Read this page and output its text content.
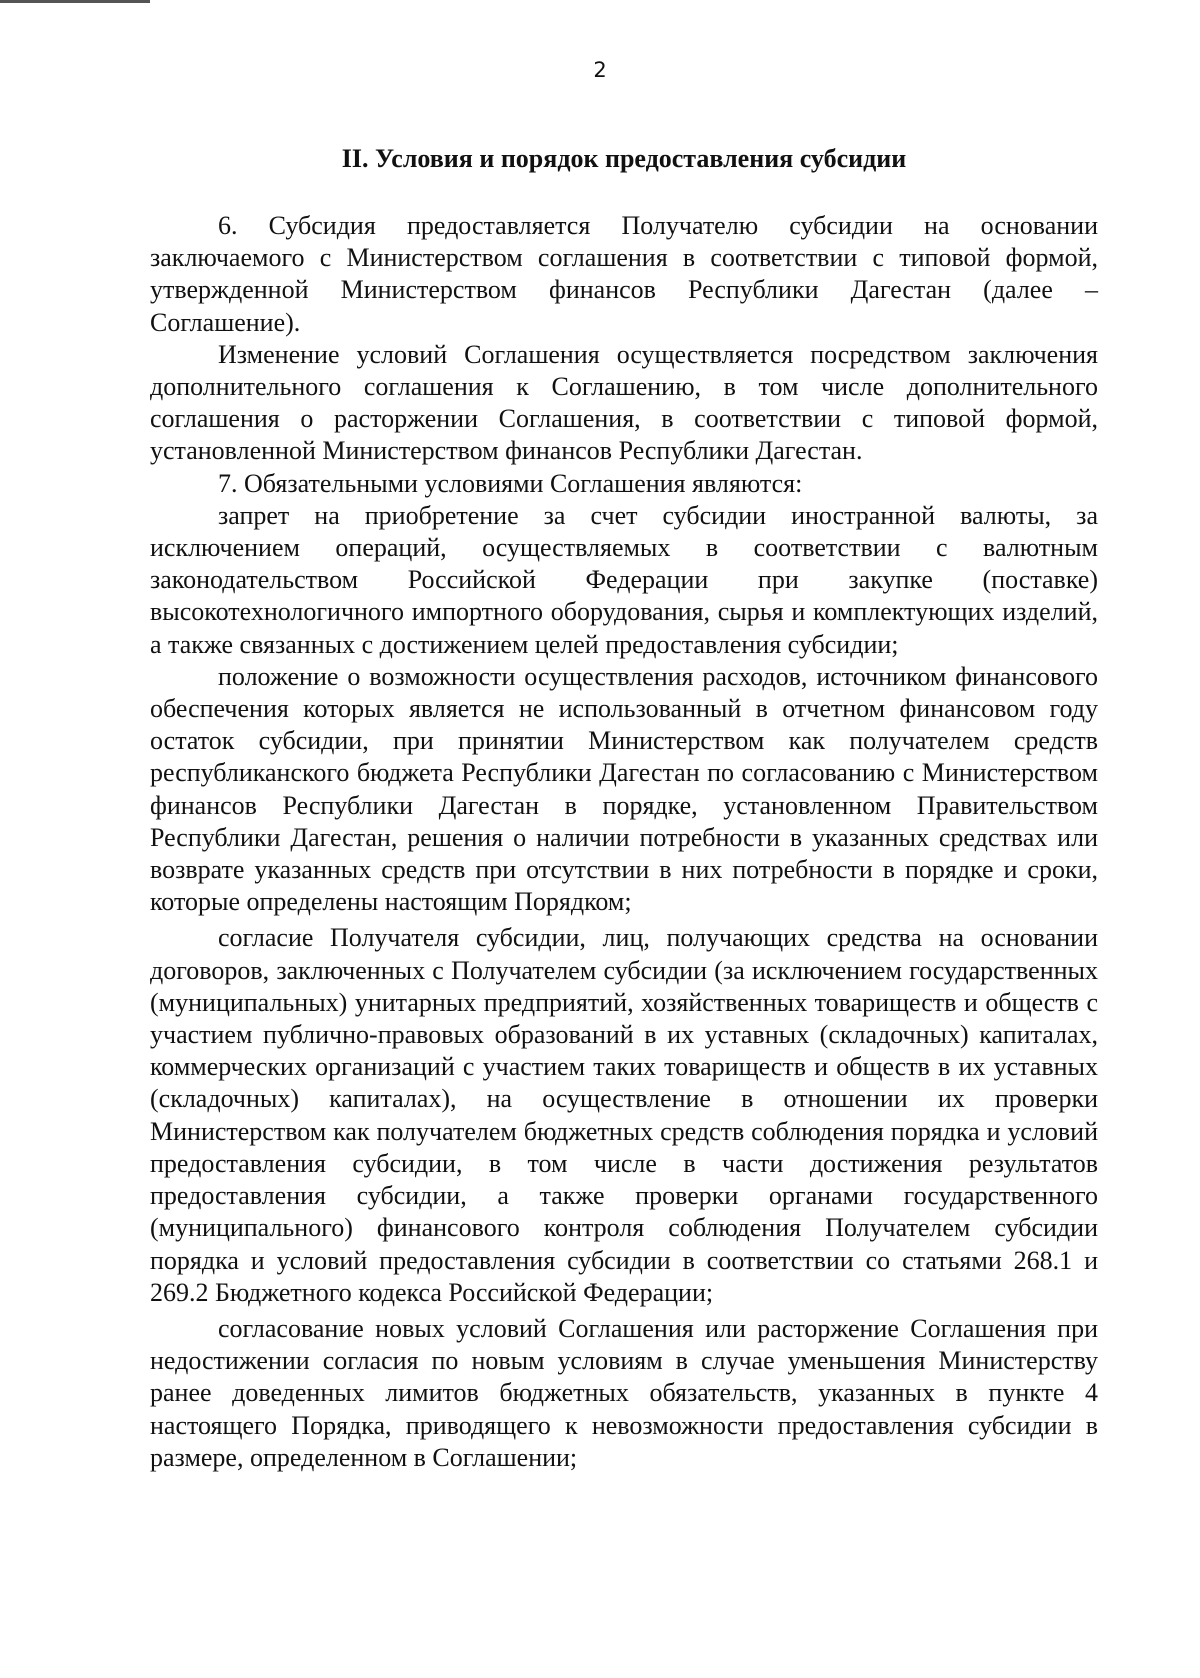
2
II. Условия и порядок предоставления субсидии

6. Субсидия предоставляется Получателю субсидии на основании заключаемого с Министерством соглашения в соответствии с типовой формой, утвержденной Министерством финансов Республики Дагестан (далее – Соглашение).

Изменение условий Соглашения осуществляется посредством заключения дополнительного соглашения к Соглашению, в том числе дополнительного соглашения о расторжении Соглашения, в соответствии с типовой формой, установленной Министерством финансов Республики Дагестан.

7. Обязательными условиями Соглашения являются:

запрет на приобретение за счет субсидии иностранной валюты, за исключением операций, осуществляемых в соответствии с валютным законодательством Российской Федерации при закупке (поставке) высокотехнологичного импортного оборудования, сырья и комплектующих изделий, а также связанных с достижением целей предоставления субсидии;

положение о возможности осуществления расходов, источником финансового обеспечения которых является не использованный в отчетном финансовом году остаток субсидии, при принятии Министерством как получателем средств республиканского бюджета Республики Дагестан по согласованию с Министерством финансов Республики Дагестан в порядке, установленном Правительством Республики Дагестан, решения о наличии потребности в указанных средствах или возврате указанных средств при отсутствии в них потребности в порядке и сроки, которые определены настоящим Порядком;

согласие Получателя субсидии, лиц, получающих средства на основании договоров, заключенных с Получателем субсидии (за исключением государственных (муниципальных) унитарных предприятий, хозяйственных товариществ и обществ с участием публично-правовых образований в их уставных (складочных) капиталах, коммерческих организаций с участием таких товариществ и обществ в их уставных (складочных) капиталах), на осуществление в отношении их проверки Министерством как получателем бюджетных средств соблюдения порядка и условий предоставления субсидии, в том числе в части достижения результатов предоставления субсидии, а также проверки органами государственного (муниципального) финансового контроля соблюдения Получателем субсидии порядка и условий предоставления субсидии в соответствии со статьями 268.1 и 269.2 Бюджетного кодекса Российской Федерации;

согласование новых условий Соглашения или расторжение Соглашения при недостижении согласия по новым условиям в случае уменьшения Министерству ранее доведенных лимитов бюджетных обязательств, указанных в пункте 4 настоящего Порядка, приводящего к невозможности предоставления субсидии в размере, определенном в Соглашении;
